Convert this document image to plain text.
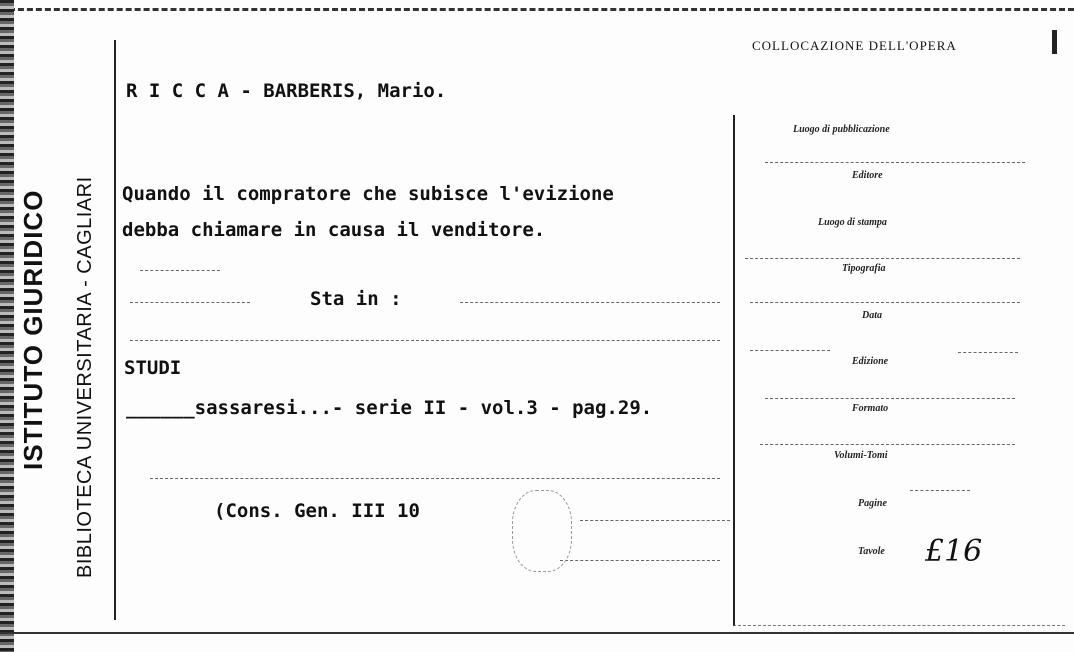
ISTITUTO GIURIDICO BIBLIOTECA UNIVERSITARIA - CAGLIARI
R I C C A - BARBERIS, Mario.
Quando il compratore che subisce l'evizione
debba chiamare in causa il venditore.
Sta in :
STUDI
______sassaresi...- serie II - vol.3 - pag.29.
(Cons. Gen. III 10
COLLOCAZIONE DELL'OPERA
Luogo di pubblicazione
Editore
Luogo di stampa
Tipografia
Data
Edizione
Formato
Volumi-Tomi
Pagine
Tavole £16
